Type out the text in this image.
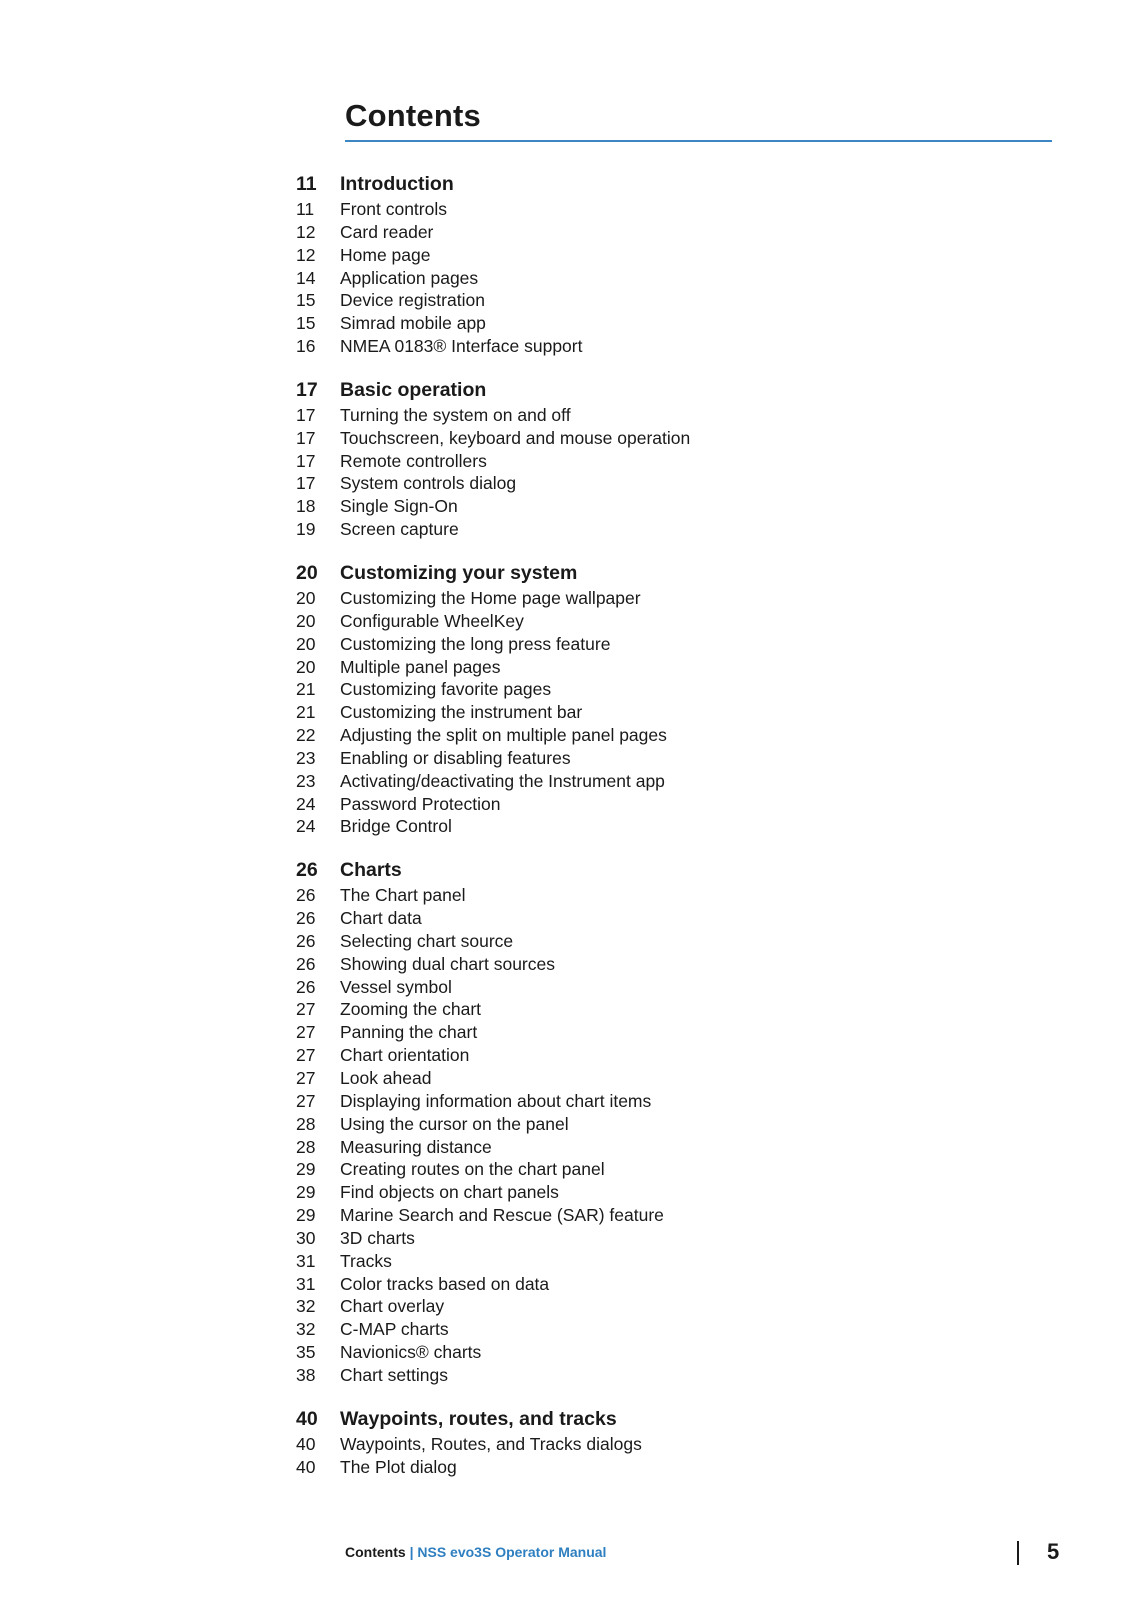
Contents
11	Introduction
11	Front controls
12	Card reader
12	Home page
14	Application pages
15	Device registration
15	Simrad mobile app
16	NMEA 0183® Interface support
17	Basic operation
17	Turning the system on and off
17	Touchscreen, keyboard and mouse operation
17	Remote controllers
17	System controls dialog
18	Single Sign-On
19	Screen capture
20	Customizing your system
20	Customizing the Home page wallpaper
20	Configurable WheelKey
20	Customizing the long press feature
20	Multiple panel pages
21	Customizing favorite pages
21	Customizing the instrument bar
22	Adjusting the split on multiple panel pages
23	Enabling or disabling features
23	Activating/deactivating the Instrument app
24	Password Protection
24	Bridge Control
26	Charts
26	The Chart panel
26	Chart data
26	Selecting chart source
26	Showing dual chart sources
26	Vessel symbol
27	Zooming the chart
27	Panning the chart
27	Chart orientation
27	Look ahead
27	Displaying information about chart items
28	Using the cursor on the panel
28	Measuring distance
29	Creating routes on the chart panel
29	Find objects on chart panels
29	Marine Search and Rescue (SAR) feature
30	3D charts
31	Tracks
31	Color tracks based on data
32	Chart overlay
32	C-MAP charts
35	Navionics® charts
38	Chart settings
40	Waypoints, routes, and tracks
40	Waypoints, Routes, and Tracks dialogs
40	The Plot dialog
Contents | NSS evo3S Operator Manual	5
